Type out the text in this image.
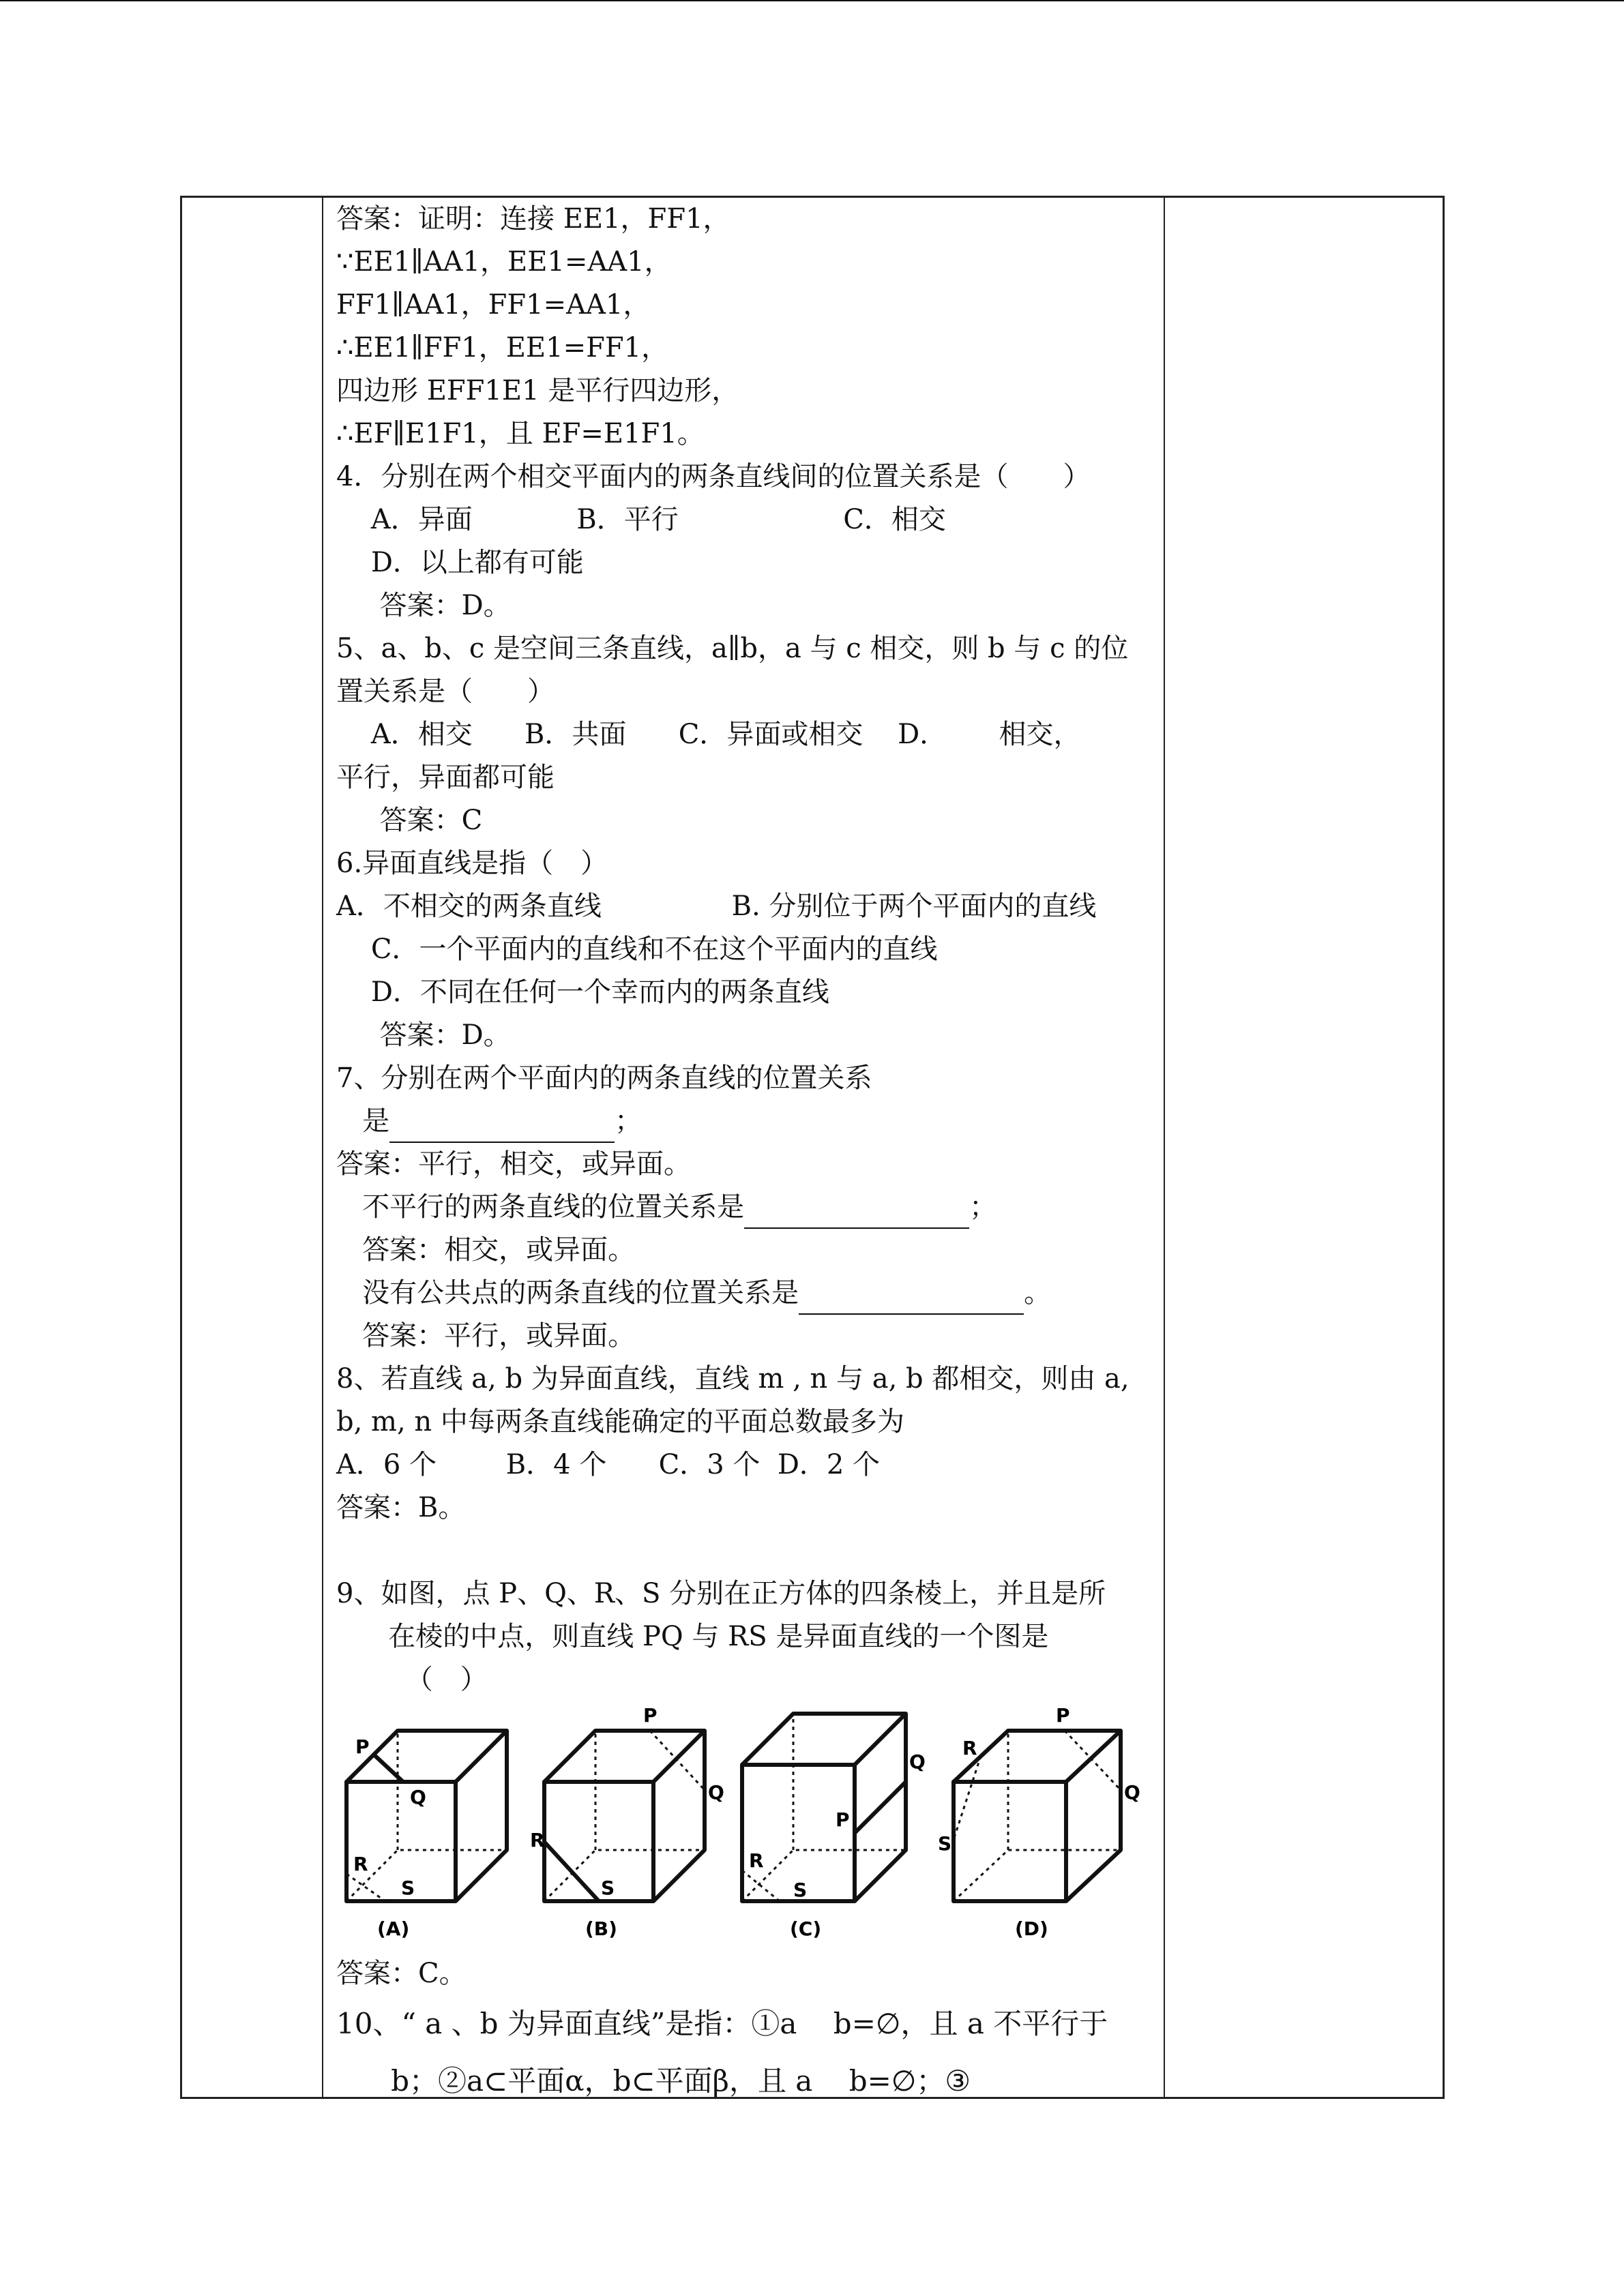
答案：证明：连接 EE1，FF1，
∵EE1∥AA1，EE1=AA1，
FF1∥AA1，FF1=AA1，
∴EE1∥FF1，EE1=FF1，
四边形 EFF1E1 是平行四边形，
∴EF∥E1F1，且 EF=E1F1。
4．分别在两个相交平面内的两条直线间的位置关系是（　　）
A．异面            B．平行                   C．相交
D．以上都有可能
答案：D。
5、a、b、c 是空间三条直线，a∥b，a 与 c 相交，则 b 与 c 的位
置关系是（　　）
A．相交      B．共面      C．异面或相交    D．      相交，
平行，异面都可能
答案：C
6.异面直线是指（　）
A．不相交的两条直线               B. 分别位于两个平面内的直线
C．一个平面内的直线和不在这个平面内的直线
D．不同在任何一个幸而内的两条直线
答案：D。
7、分别在两个平面内的两条直线的位置关系
是	；
答案：平行，相交，或异面。
不平行的两条直线的位置关系是	；
答案：相交，或异面。
没有公共点的两条直线的位置关系是	。
答案：平行，或异面。
8、若直线 a, b 为异面直线，直线 m , n 与 a, b 都相交，则由 a,
b, m, n 中每两条直线能确定的平面总数最多为
A．6 个        B．4 个      C．3 个  D．2 个
答案：B。
9、如图，点 P、Q、R、S 分别在正方体的四条棱上，并且是所
在棱的中点，则直线 PQ 与 RS 是异面直线的一个图是
（　）
P
Q
R
S
(A)
P
Q
R
S
(B)
Q
P
R
S
(C)
P
R
Q
S
(D)
答案：C。
10、“ a 、b 为异面直线”是指：①a    b=∅，且 a 不平行于
b；②a⊂平面α，b⊂平面β，且 a    b=∅；③
